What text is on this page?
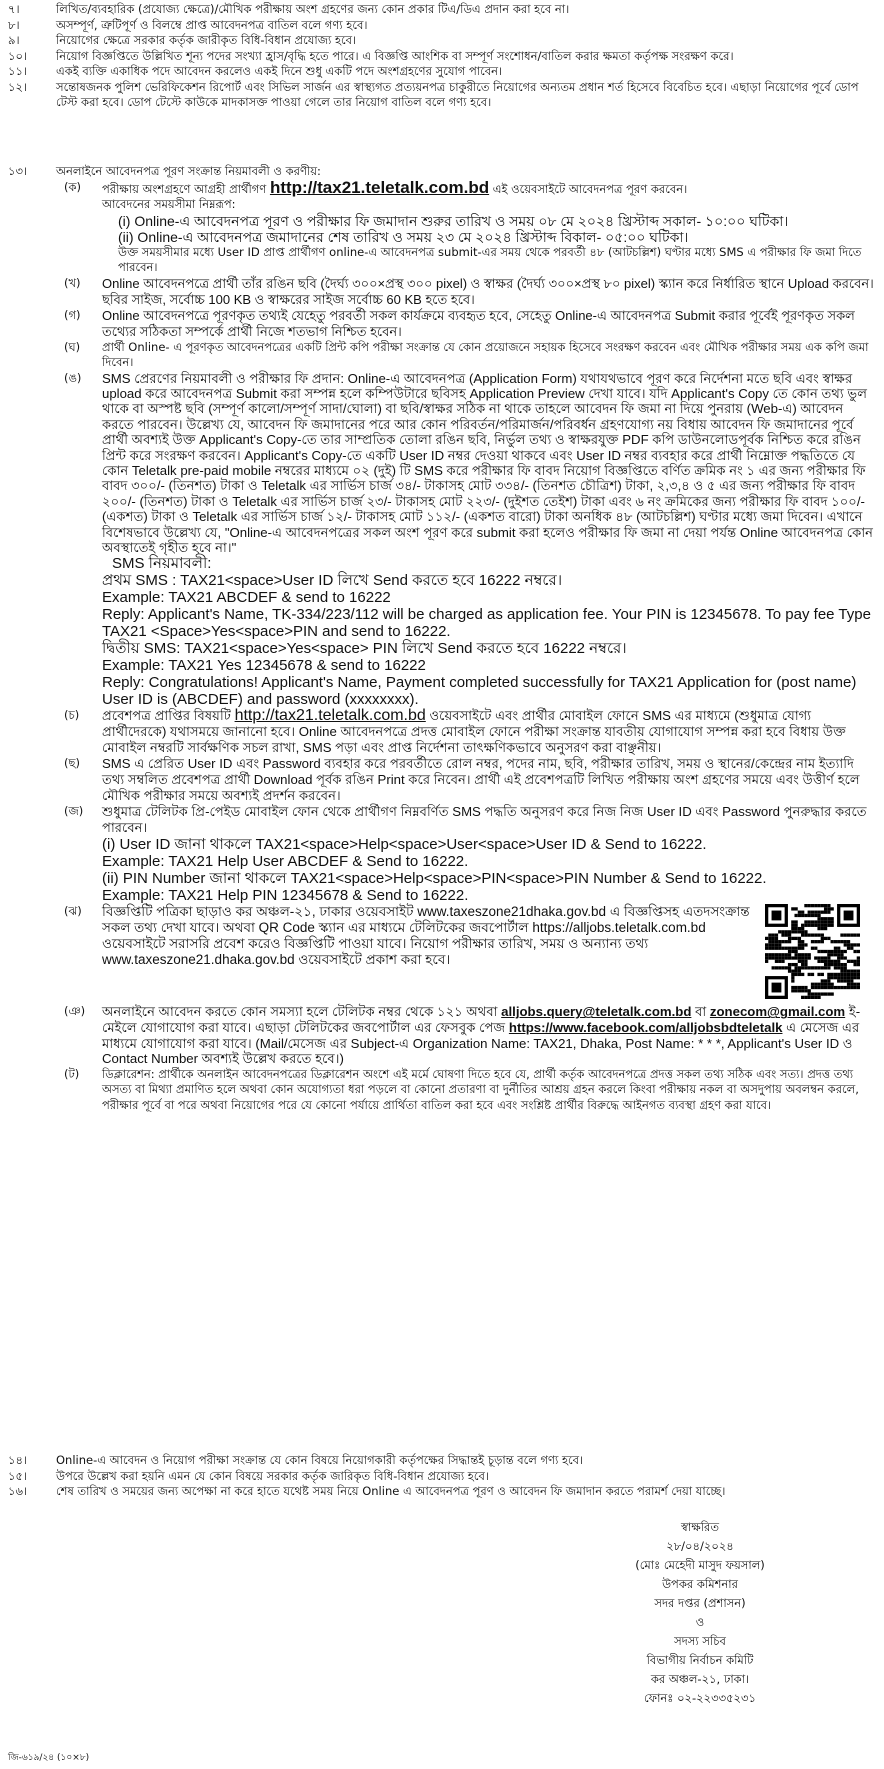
৭।	লিখিত/ব্যবহারিক (প্রযোজ্য ক্ষেত্রে)/মৌখিক পরীক্ষায় অংশ গ্রহণের জন্য কোন প্রকার টিএ/ডিএ প্রদান করা হবে না।

৮।	অসম্পূর্ণ, ত্রুটিপূর্ণ ও বিলম্বে প্রাপ্ত আবেদনপত্র বাতিল বলে গণ্য হবে।

৯।	নিয়োগের ক্ষেত্রে সরকার কর্তৃক জারীকৃত বিধি-বিধান প্রযোজ্য হবে।

১০।	নিয়োগ বিজ্ঞপ্তিতে উল্লিখিত শূন্য পদের সংখ্যা হ্রাস/বৃদ্ধি হতে পারে। এ বিজ্ঞপ্তি আংশিক বা সম্পূর্ণ সংশোধন/বাতিল করার ক্ষমতা কর্তৃপক্ষ সংরক্ষণ করে।

১১।	একই ব্যক্তি একাধিক পদে আবেদন করলেও একই দিনে শুধু একটি পদে অংশগ্রহণের সুযোগ পাবেন।

১২।	সন্তোষজনক পুলিশ ভেরিফিকেশন রিপোর্ট এবং সিভিল সার্জন এর স্বাস্থ্যগত প্রত্যয়নপত্র চাকুরীতে নিয়োগের অন্যতম প্রধান শর্ত হিসেবে বিবেচিত হবে। এছাড়া নিয়োগের পূর্বে ডোপ টেস্ট করা হবে। ডোপ টেস্টে কাউকে মাদকাসক্ত পাওয়া গেলে তার নিয়োগ বাতিল বলে গণ্য হবে।

১৩।	অনলাইনে আবেদনপত্র পূরণ সংক্রান্ত নিয়মাবলী ও করণীয়:

(ক) পরীক্ষায় অংশগ্রহণে আগ্রহী প্রার্থীগণ http://tax21.teletalk.com.bd এই ওয়েবসাইটে আবেদনপত্র পূরণ করবেন।

আবেদনের সময়সীমা নিম্নরূপ:

(i) Online-এ আবেদনপত্র পূরণ ও পরীক্ষার ফি জমাদান শুরুর তারিখ ও সময় ০৮ মে ২০২৪ খ্রিস্টাব্দ সকাল- ১০:০০ ঘটিকা।

(ii) Online-এ আবেদনপত্র জমাদানের শেষ তারিখ ও সময় ২৩ মে ২০২৪ খ্রিস্টাব্দ বিকাল- ০৫:০০ ঘটিকা।

উক্ত সময়সীমার মধ্যে User ID প্রাপ্ত প্রার্থীগণ online-এ আবেদনপত্র submit-এর সময় থেকে পরবর্তী ৪৮ (আটচল্লিশ) ঘণ্টার মধ্যে SMS এ পরীক্ষার ফি জমা দিতে পারবেন।

(খ) Online আবেদনপত্রে প্রার্থী তাঁর রঙিন ছবি (দৈর্ঘ্য ৩০০×প্রস্থ ৩০০ pixel) ও স্বাক্ষর (দৈর্ঘ্য ৩০০×প্রস্থ ৮০ pixel) স্ক্যান করে নির্ধারিত স্থানে Upload করবেন। ছবির সাইজ, সর্বোচ্চ 100 KB ও স্বাক্ষরের সাইজ সর্বোচ্চ 60 KB হতে হবে।

(গ) Online আবেদনপত্রে পূরণকৃত তথ্যই যেহেতু পরবর্তী সকল কার্যক্রমে ব্যবহৃত হবে, সেহেতু Online-এ আবেদনপত্র Submit করার পূর্বেই পূরণকৃত সকল তথ্যের সঠিকতা সম্পর্কে প্রার্থী নিজে শতভাগ নিশ্চিত হবেন।

(ঘ) প্রার্থী Online- এ পূরণকৃত আবেদনপত্রের একটি প্রিন্ট কপি পরীক্ষা সংক্রান্ত যে কোন প্রয়োজনে সহায়ক হিসেবে সংরক্ষণ করবেন এবং মৌখিক পরীক্ষার সময় এক কপি জমা দিবেন।

(ঙ) SMS প্রেরণের নিয়মাবলী ও পরীক্ষার ফি প্রদান: Online-এ আবেদনপত্র (Application Form) যথাযথভাবে পূরণ করে নির্দেশনা মতে ছবি এবং স্বাক্ষর upload করে আবেদনপত্র Submit করা সম্পন্ন হলে কম্পিউটারে ছবিসহ Application Preview দেখা যাবে। যদি Applicant's Copy তে কোন তথ্য ভুল থাকে বা অস্পষ্ট ছবি (সম্পূর্ণ কালো/সম্পূর্ণ সাদা/ঘোলা) বা ছবি/স্বাক্ষর সঠিক না থাকে তাহলে আবেদন ফি জমা না দিয়ে পুনরায় (Web-এ) আবেদন করতে পারবেন। উল্লেখ্য যে, আবেদন ফি জমাদানের পরে আর কোন পরিবর্তন/পরিমার্জন/পরিবর্ধন গ্রহণযোগ্য নয় বিধায় আবেদন ফি জমাদানের পূর্বে প্রার্থী অবশ্যই উক্ত Applicant's Copy-তে তার সাম্প্রতিক তোলা রঙিন ছবি, নির্ভুল তথ্য ও স্বাক্ষরযুক্ত PDF কপি ডাউনলোডপূর্বক নিশ্চিত করে রঙিন প্রিন্ট করে সংরক্ষণ করবেন। Applicant's Copy-তে একটি User ID নম্বর দেওয়া থাকবে এবং User ID নম্বর ব্যবহার করে প্রার্থী নিম্নোক্ত পদ্ধতিতে যে কোন Teletalk pre-paid mobile নম্বরের মাধ্যমে ০২ (দুই) টি SMS করে পরীক্ষার ফি বাবদ নিয়োগ বিজ্ঞপ্তিতে বর্ণিত ক্রমিক নং ১ এর জন্য পরীক্ষার ফি বাবদ ৩০০/- (তিনশত) টাকা ও Teletalk এর সার্ভিস চার্জ ৩৪/- টাকাসহ মোট ৩৩৪/- (তিনশত চৌত্রিশ) টাকা, ২,৩,৪ ও ৫ এর জন্য পরীক্ষার ফি বাবদ ২০০/- (তিনশত) টাকা ও Teletalk এর সার্ভিস চার্জ ২৩/- টাকাসহ মোট ২২৩/- (দুইশত তেইশ) টাকা এবং ৬ নং ক্রমিকের জন্য পরীক্ষার ফি বাবদ ১০০/- (একশত) টাকা ও Teletalk এর সার্ভিস চার্জ ১২/- টাকাসহ মোট ১১২/- (একশত বারো) টাকা অনধিক ৪৮ (আটচল্লিশ) ঘণ্টার মধ্যে জমা দিবেন। এখানে বিশেষভাবে উল্লেখ্য যে, "Online-এ আবেদনপত্রের সকল অংশ পূরণ করে submit করা হলেও পরীক্ষার ফি জমা না দেয়া পর্যন্ত Online আবেদনপত্র কোন অবস্থাতেই গৃহীত হবে না।"

SMS নিয়মাবলী:

প্রথম SMS : TAX21<space>User ID লিখে Send করতে হবে 16222 নম্বরে।

Example: TAX21 ABCDEF & send to 16222

Reply: Applicant's Name, TK-334/223/112 will be charged as application fee. Your PIN is 12345678. To pay fee Type TAX21 <Space>Yes<space>PIN and send to 16222.

দ্বিতীয় SMS: TAX21<space>Yes<space> PIN লিখে Send করতে হবে 16222 নম্বরে।

Example: TAX21 Yes 12345678 & send to 16222

Reply: Congratulations! Applicant's Name, Payment completed successfully for TAX21 Application for (post name) User ID is (ABCDEF) and password (xxxxxxxx).

(চ) প্রবেশপত্র প্রাপ্তির বিষয়টি http://tax21.teletalk.com.bd ওয়েবসাইটে এবং প্রার্থীর মোবাইল ফোনে SMS এর মাধ্যমে (শুধুমাত্র যোগ্য প্রার্থীদেরকে) যথাসময়ে জানানো হবে। Online আবেদনপত্রে প্রদত্ত মোবাইল ফোনে পরীক্ষা সংক্রান্ত যাবতীয় যোগাযোগ সম্পন্ন করা হবে বিধায় উক্ত মোবাইল নম্বরটি সার্বক্ষণিক সচল রাখা, SMS পড়া এবং প্রাপ্ত নির্দেশনা তাৎক্ষণিকভাবে অনুসরণ করা বাঞ্ছনীয়।

(ছ) SMS এ প্রেরিত User ID এবং Password ব্যবহার করে পরবর্তীতে রোল নম্বর, পদের নাম, ছবি, পরীক্ষার তারিখ, সময় ও স্থানের/কেন্দ্রের নাম ইত্যাদি তথ্য সম্বলিত প্রবেশপত্র প্রার্থী Download পূর্বক রঙিন Print করে নিবেন। প্রার্থী এই প্রবেশপত্রটি লিখিত পরীক্ষায় অংশ গ্রহণের সময়ে এবং উত্তীর্ণ হলে মৌখিক পরীক্ষার সময়ে অবশ্যই প্রদর্শন করবেন।

(জ) শুধুমাত্র টেলিটক প্রি-পেইড মোবাইল ফোন থেকে প্রার্থীগণ নিম্নবর্ণিত SMS পদ্ধতি অনুসরণ করে নিজ নিজ User ID এবং Password পুনরুদ্ধার করতে পারবেন।

(i) User ID জানা থাকলে TAX21<space>Help<space>User<space>User ID & Send to 16222.

Example: TAX21 Help User ABCDEF & Send to 16222.

(ii) PIN Number জানা থাকলে TAX21<space>Help<space>PIN<space>PIN Number & Send to 16222.

Example: TAX21 Help PIN 12345678 & Send to 16222.

(ঝ) বিজ্ঞপ্তিটি পত্রিকা ছাড়াও কর অঞ্চল-২১, ঢাকার ওয়েবসাইট www.taxeszone21dhaka.gov.bd এ বিজ্ঞপ্তিসহ এতদসংক্রান্ত সকল তথ্য দেখা যাবে। অথবা QR Code স্ক্যান এর মাধ্যমে টেলিটকের জবপোর্টাল https://alljobs.teletalk.com.bd ওয়েবসাইটে সরাসরি প্রবেশ করেও বিজ্ঞপ্তিটি পাওয়া যাবে। নিয়োগ পরীক্ষার তারিখ, সময় ও অন্যান্য তথ্য www.taxeszone21.dhaka.gov.bd ওয়েবসাইটে প্রকাশ করা হবে।

(ঞ) অনলাইনে আবেদন করতে কোন সমস্যা হলে টেলিটক নম্বর থেকে ১২১ অথবা alljobs.query@teletalk.com.bd বা zonecom@gmail.com ই-মেইলে যোগাযোগ করা যাবে। এছাড়া টেলিটকের জবপোর্টাল এর ফেসবুক পেজ https://www.facebook.com/alljobsbdteletalk এ মেসেজ এর মাধ্যমে যোগাযোগ করা যাবে। (Mail/মেসেজ এর Subject-এ Organization Name: TAX21, Dhaka, Post Name: * * *, Applicant's User ID ও Contact Number অবশ্যই উল্লেখ করতে হবে।)

(ট) ডিক্লারেশন: প্রার্থীকে অনলাইন আবেদনপত্রের ডিক্লারেশন অংশে এই মর্মে ঘোষণা দিতে হবে যে, প্রার্থী কর্তৃক আবেদনপত্রে প্রদত্ত সকল তথ্য সঠিক এবং সত্য। প্রদত্ত তথ্য অসত্য বা মিথ্যা প্রমাণিত হলে অথবা কোন অযোগ্যতা ধরা পড়লে বা কোনো প্রতারণা বা দুর্নীতির আশ্রয় গ্রহন করলে কিংবা পরীক্ষায় নকল বা অসদুপায় অবলম্বন করলে, পরীক্ষার পূর্বে বা পরে অথবা নিয়োগের পরে যে কোনো পর্যায়ে প্রার্থিতা বাতিল করা হবে এবং সংশ্লিষ্ট প্রার্থীর বিরুদ্ধে আইনগত ব্যবস্থা গ্রহণ করা যাবে।

১৪।	Online-এ আবেদন ও নিয়োগ পরীক্ষা সংক্রান্ত যে কোন বিষয়ে নিয়োগকারী কর্তৃপক্ষের সিদ্ধান্তই চূড়ান্ত বলে গণ্য হবে।

১৫।	উপরে উল্লেখ করা হয়নি এমন যে কোন বিষয়ে সরকার কর্তৃক জারিকৃত বিধি-বিধান প্রযোজ্য হবে।

১৬।	শেষ তারিখ ও সময়ের জন্য অপেক্ষা না করে হাতে যথেষ্ট সময় নিয়ে Online এ আবেদনপত্র পূরণ ও আবেদন ফি জমাদান করতে পরামর্শ দেয়া যাচ্ছে।

স্বাক্ষরিত
২৮/০৪/২০২৪
(মোঃ মেহেদী মাসুদ ফয়সাল)
উপকর কমিশনার
সদর দপ্তর (প্রশাসন)
ও
সদস্য সচিব
বিভাগীয় নির্বাচন কমিটি
কর অঞ্চল-২১, ঢাকা।
ফোনঃ ০২-২২৩৩৫২৩১
জি-৬১৯/২৪ (১০×৮)
